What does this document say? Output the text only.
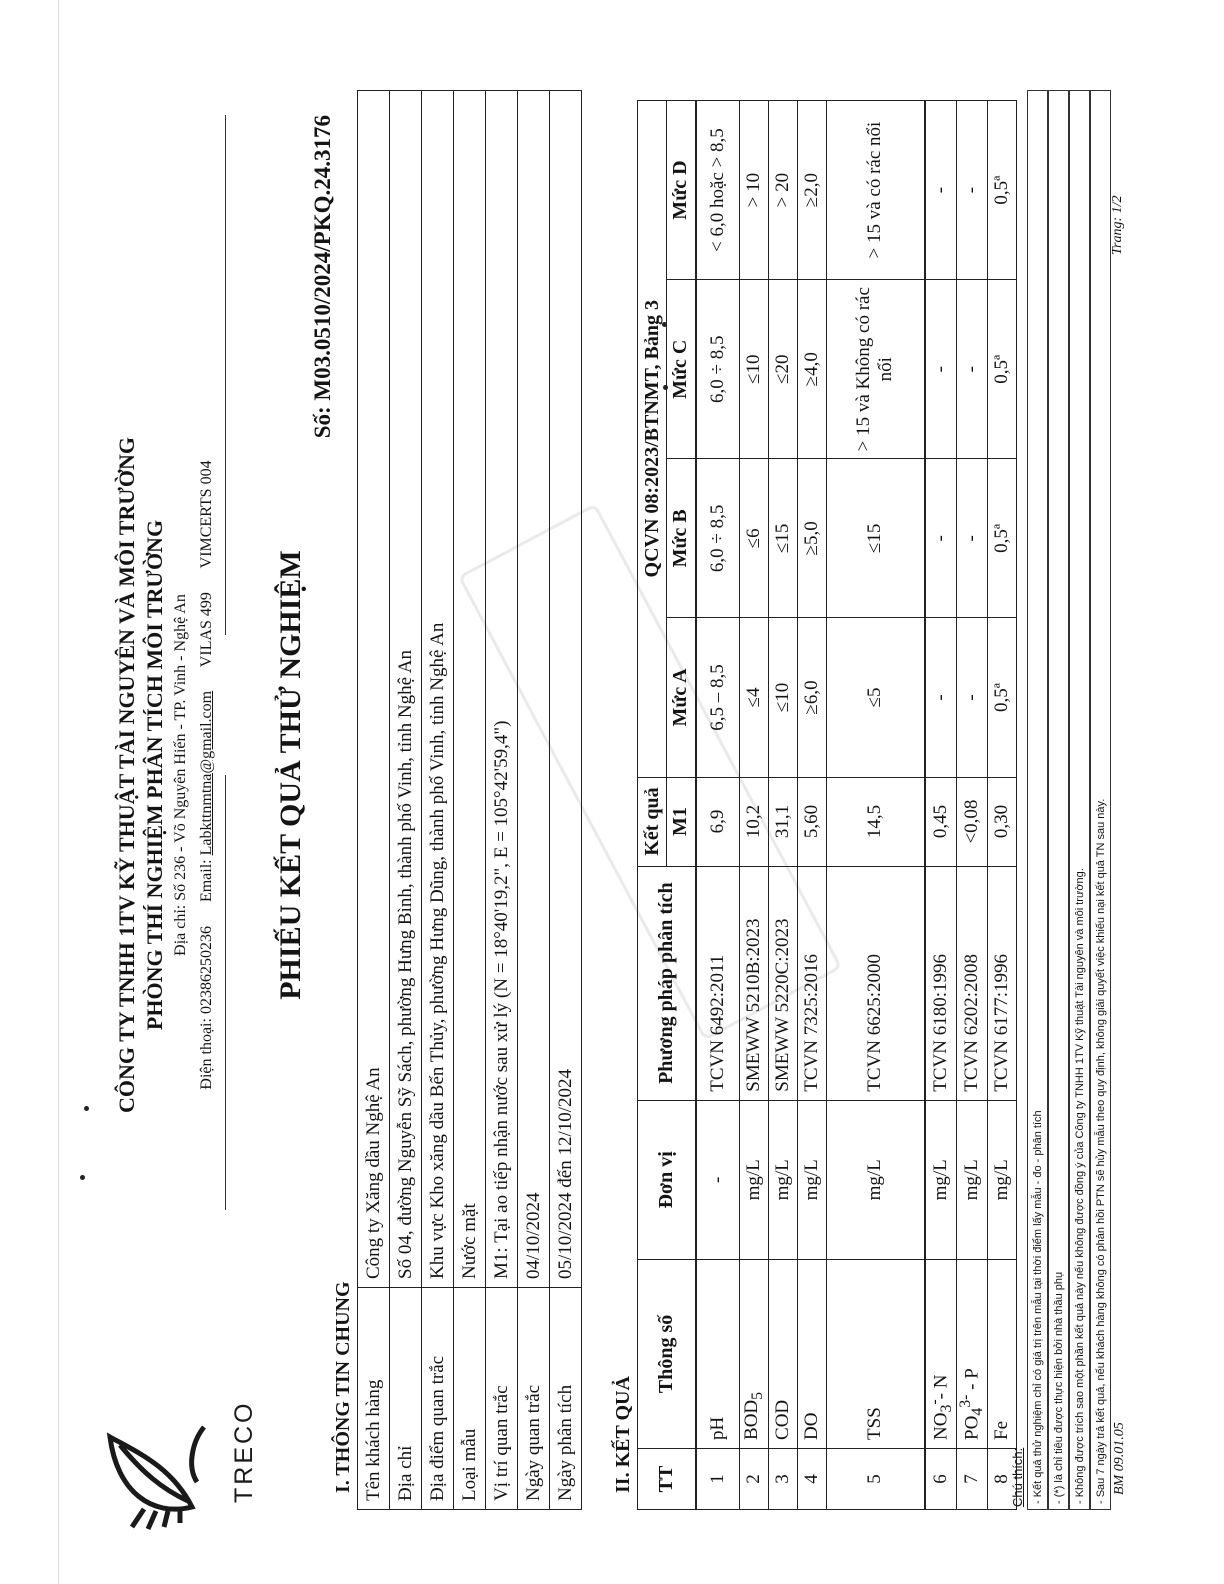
TRECO
CÔNG TY TNHH 1TV KỸ THUẬT TÀI NGUYÊN VÀ MÔI TRƯỜNG PHÒNG THÍ NGHIỆM PHÂN TÍCH MÔI TRƯỜNG Địa chỉ: Số 236 - Võ Nguyên Hiến - TP. Vinh - Nghệ An
Điện thoại: 02386250236 Email: Labkttnmtna@gmail.com VILAS 499 VIMCERTS 004
PHIẾU KẾT QUẢ THỬ NGHIỆM
Số: M03.0510/2024/PKQ.24.3176
I. THÔNG TIN CHUNG Tên khách hàng	Công ty Xăng dầu Nghệ An
Địa chỉ	Số 04, đường Nguyễn Sỹ Sách, phường Hưng Bình, thành phố Vinh, tỉnh Nghệ An
Địa điểm quan trắc	Khu vực Kho xăng dầu Bến Thủy, phường Hưng Dũng, thành phố Vinh, tỉnh Nghệ An
Loại mẫu	Nước mặt
Vị trí quan trắc	M1: Tại ao tiếp nhận nước sau xử lý (N = 18°40'19,2", E = 105°42'59,4")
Ngày quan trắc	04/10/2024
Ngày phân tích	05/10/2024 đến 12/10/2024
II. KẾT QUẢ TT	Thông số	Đơn vị	Phương pháp phân tích	Kết quả	QCVN 08:2023/BTNMT, Bảng 3			
				M1	Mức A	Mức B	Mức C	Mức D
1	pH	-	TCVN 6492:2011	6,9	6,5 – 8,5	6,0 ÷ 8,5	6,0 ÷ 8,5	< 6,0 hoặc > 8,5
2	$BOD_5$	mg/L	SMEWW 5210B:2023	10,2	≤4	≤6	≤10	> 10
3	COD	mg/L	SMEWW 5220C:2023	31,1	≤10	≤15	≤20	> 20
4	DO	mg/L	TCVN 7325:2016	5,60	≥6,0	≥5,0	≥4,0	≥2,0
5	TSS	mg/L	TCVN 6625:2000	14,5	≤5	≤15	> 15 và Không có rác nổi	> 15 và có rác nổi
6	$NO_3^--$ N	mg/L	TCVN 6180:1996	0,45	-	-	-	-
7	$PO_4^{3-}$ - P	mg/L	TCVN 6202:2008	<0,08	-	-	-	-
8	Fe	mg/L	TCVN 6177:1996	0,30	0,5ª	0,5ª	0,5ª	0,5ª
Chú thích: - Kết quả thử nghiệm chỉ có giá trị trên mẫu tại thời điểm lấy mẫu - đo - phân tích - (*) là chỉ tiêu được thực hiện bởi nhà thầu phụ - Không được trích sao một phần kết quả này nếu không được đồng ý của Công ty TNHH 1TV Kỹ thuật Tài nguyên và môi trường. - Sau 7 ngày trả kết quả, nếu khách hàng không có phản hồi PTN sẽ hủy mẫu theo quy định, không giải quyết việc khiếu nại kết quả TN sau này. BM 09.01.05
Trang: 1/2
